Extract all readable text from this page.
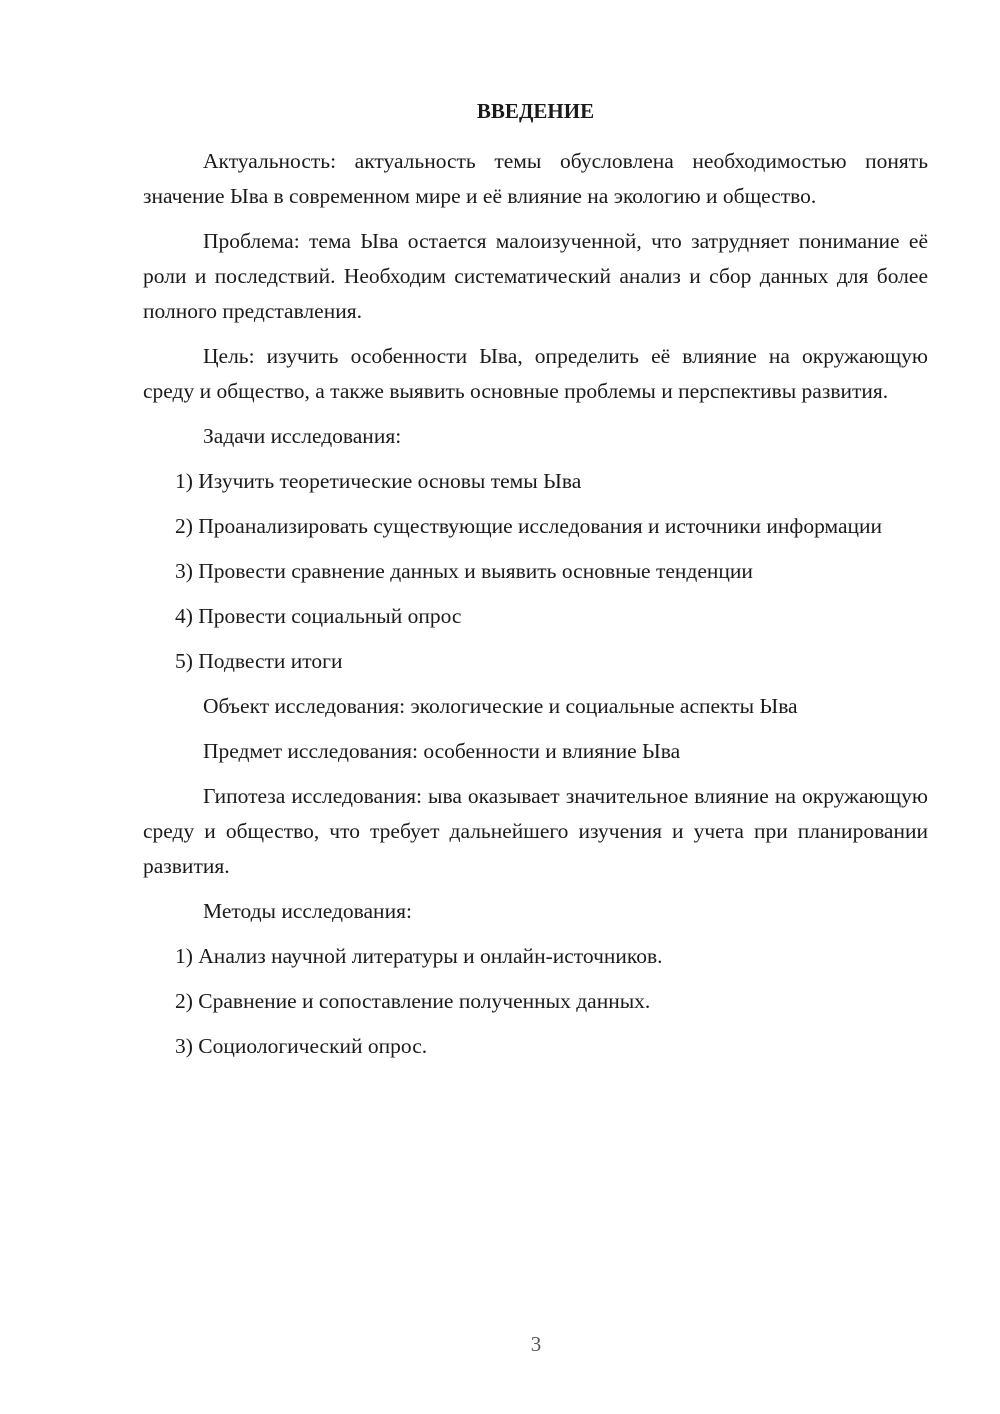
ВВЕДЕНИЕ

Актуальность: актуальность темы обусловлена необходимостью понять значение Ыва в современном мире и её влияние на экологию и общество.

Проблема: тема Ыва остается малоизученной, что затрудняет понимание её роли и последствий. Необходим систематический анализ и сбор данных для более полного представления.

Цель: изучить особенности Ыва, определить её влияние на окружающую среду и общество, а также выявить основные проблемы и перспективы развития.

Задачи исследования:

1) Изучить теоретические основы темы Ыва

2) Проанализировать существующие исследования и источники информации

3) Провести сравнение данных и выявить основные тенденции

4) Провести социальный опрос

5) Подвести итоги

Объект исследования: экологические и социальные аспекты Ыва

Предмет исследования: особенности и влияние Ыва

Гипотеза исследования: ыва оказывает значительное влияние на окружающую среду и общество, что требует дальнейшего изучения и учета при планировании развития.

Методы исследования:

1) Анализ научной литературы и онлайн-источников.

2) Сравнение и сопоставление полученных данных.

3) Социологический опрос.

3
